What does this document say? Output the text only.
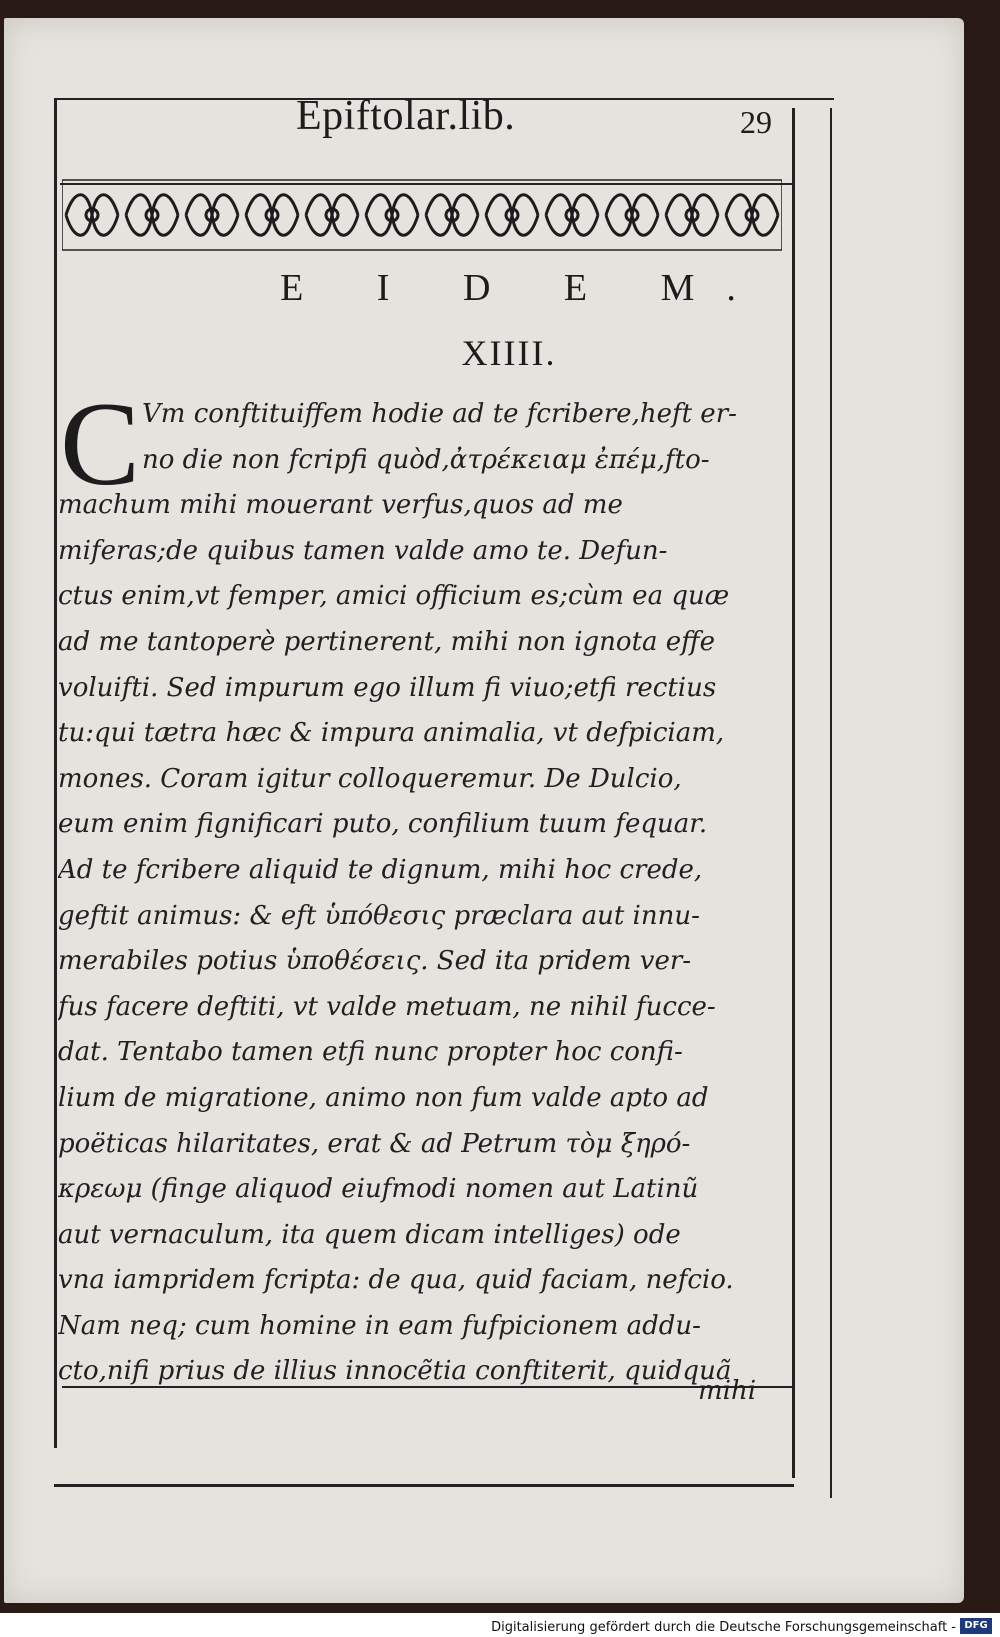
Epiftolar.lib.	29
E I D E M.
XIIII.
C Vm conftituiffem hodie ad te fcribere,heft er-
no die non fcripfi quòd,ἀτρέκειαμ ἐπέμ,fto-
machum mihi mouerant verfus,quos ad me
miferas;de quibus tamen valde amo te. Defun-
ctus enim,vt femper, amici officium es;cùm ea quæ
ad me tantoperè pertinerent, mihi non ignota effe
voluifti. Sed impurum ego illum fi viuo;etfi rectius
tu:qui tætra hæc & impura animalia, vt defpiciam,
mones. Coram igitur colloqueremur. De Dulcio,
eum enim fignificari puto, confilium tuum fequar.
Ad te fcribere aliquid te dignum, mihi hoc crede,
geftit animus: & eft ὑπόθεσις præclara aut innu-
merabiles potius ὑποθέσεις. Sed ita pridem ver-
fus facere deftiti, vt valde metuam, ne nihil fucce-
dat. Tentabo tamen etfi nunc propter hoc confi-
lium de migratione, animo non fum valde apto ad
poëticas hilaritates, erat & ad Petrum τὸμ ξηρό-
κρεωμ (finge aliquod eiufmodi nomen aut Latinũ
aut vernaculum, ita quem dicam intelliges) ode
vna iampridem fcripta: de qua, quid faciam, nefcio.
Nam neq; cum homine in eam fufpicionem addu-
cto,nifi prius de illius innocẽtia conftiterit, quidquã
mihi
Digitalisierung gefördert durch die Deutsche Forschungsgemeinschaft - DFG
